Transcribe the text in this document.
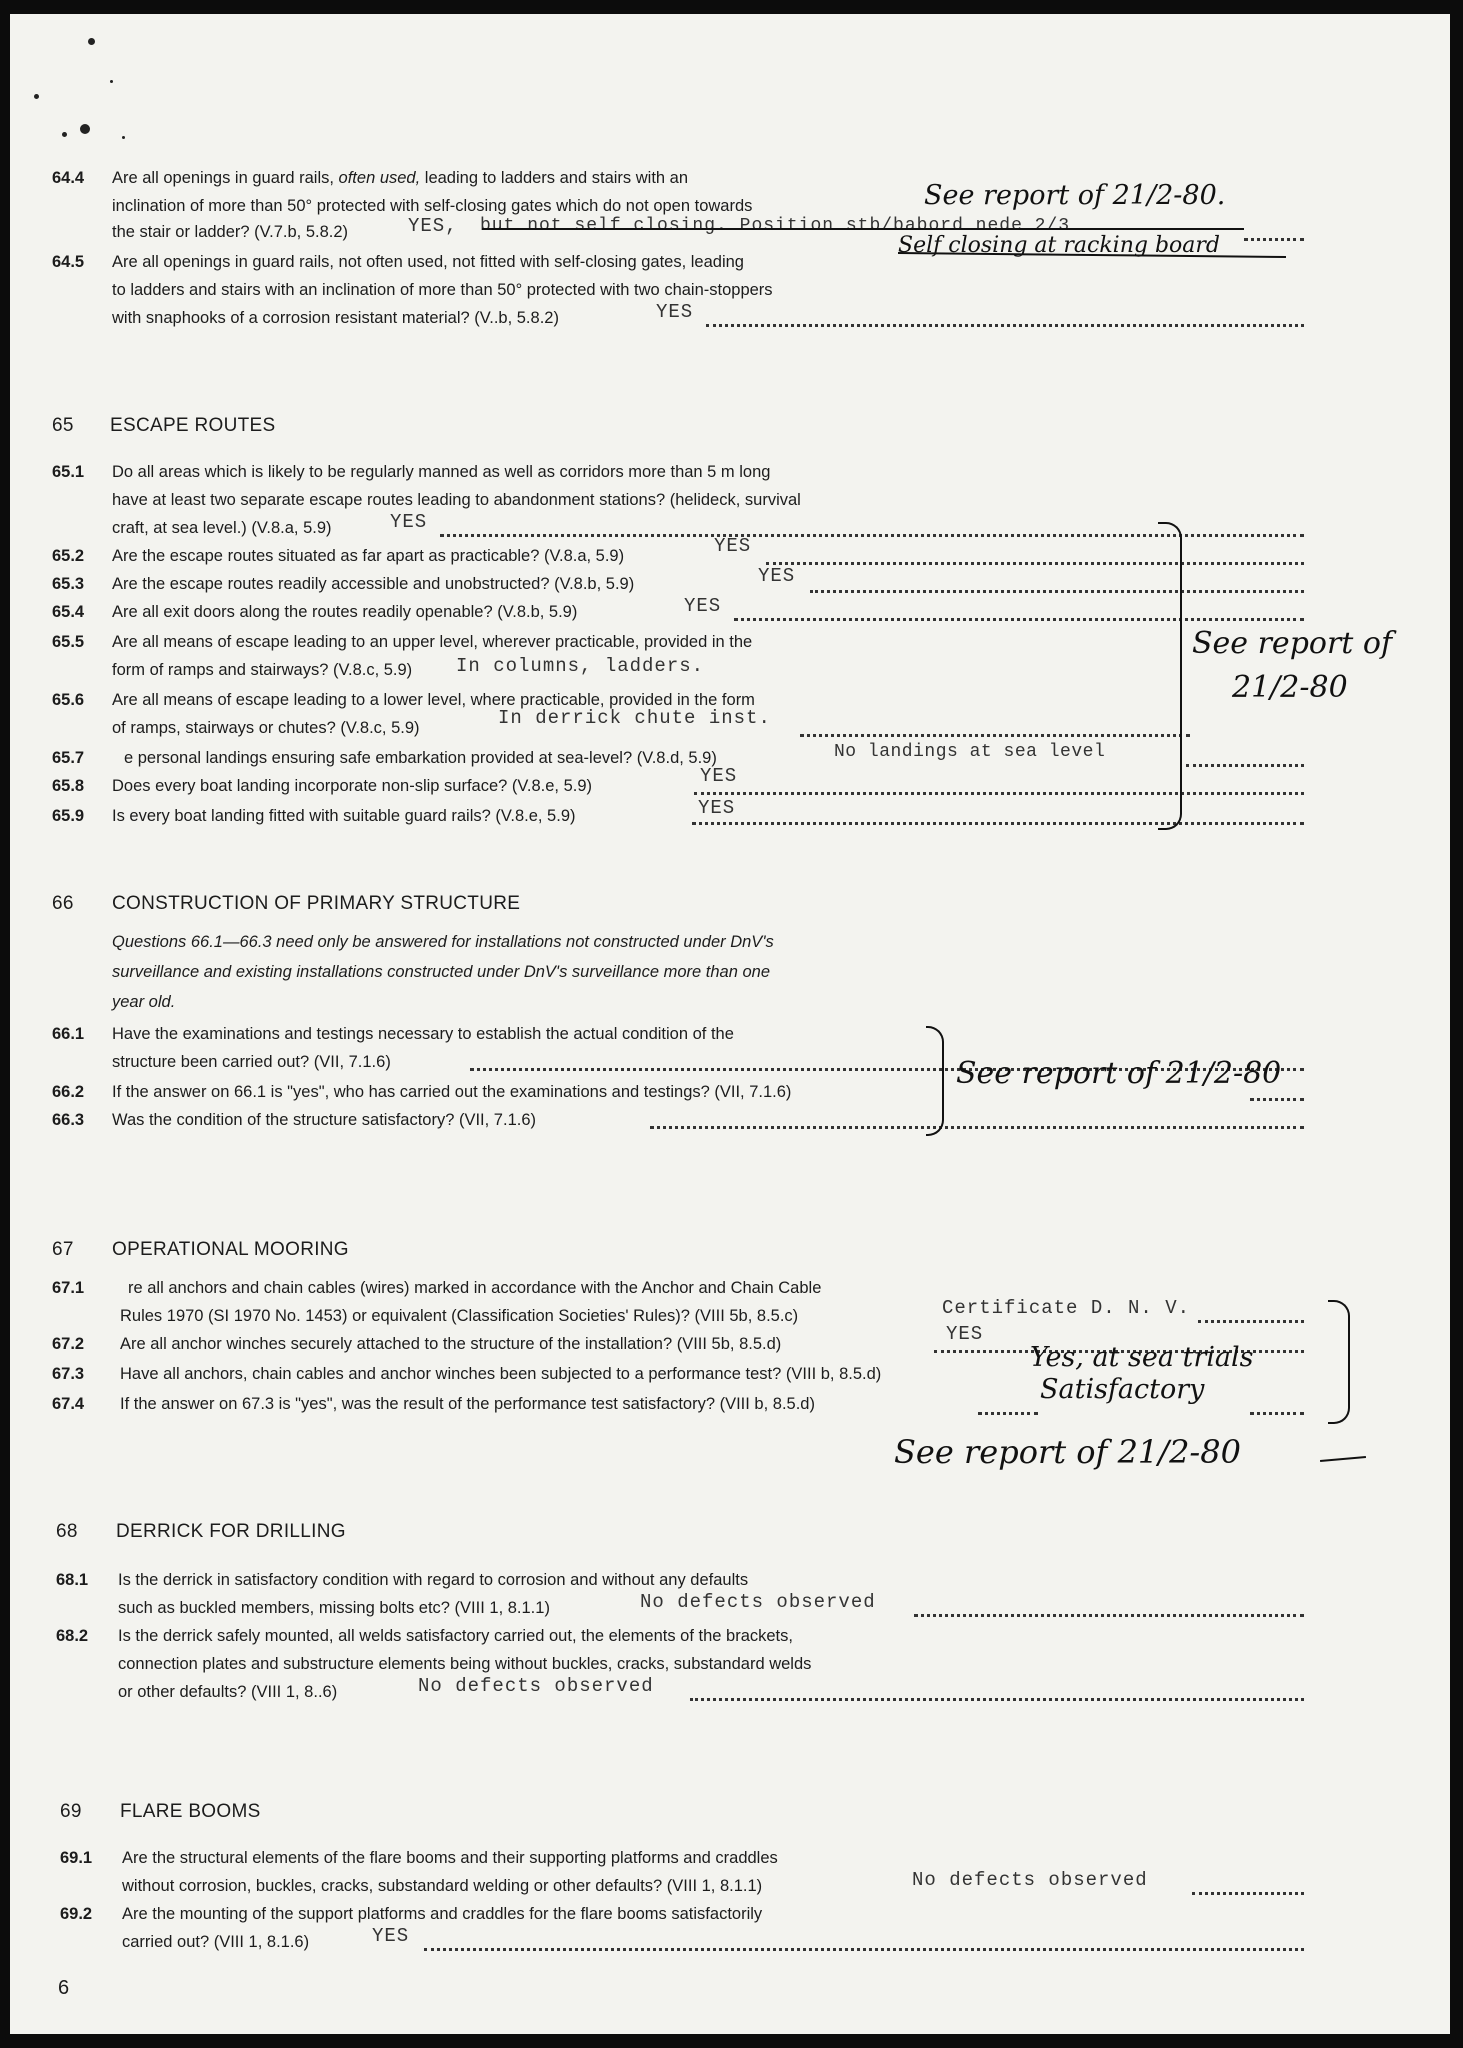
64.4 Are all openings in guard rails, often used, leading to ladders and stairs with an
inclination of more than 50° protected with self-closing gates which do not open towards
the stair or ladder? (V.7.b, 5.8.2)	YES, but not self closing. Position stb/babord nede 2/3
Self closing at racking board
See report of 21/2-80.
64.5 Are all openings in guard rails, not often used, not fitted with self-closing gates, leading
to ladders and stairs with an inclination of more than 50° protected with two chain-stoppers
with snaphooks of a corrosion resistant material? (V..b, 5.8.2)	YES
65 ESCAPE ROUTES
65.1 Do all areas which is likely to be regularly manned as well as corridors more than 5 m long
have at least two separate escape routes leading to abandonment stations? (helideck, survival
craft, at sea level.) (V.8.a, 5.9)	YES
65.2 Are the escape routes situated as far apart as practicable? (V.8.a, 5.9)	YES
65.3 Are the escape routes readily accessible and unobstructed? (V.8.b, 5.9)	YES
65.4 Are all exit doors along the routes readily openable? (V.8.b, 5.9)	YES
65.5 Are all means of escape leading to an upper level, wherever practicable, provided in the
form of ramps and stairways? (V.8.c, 5.9) In columns, ladders.
65.6 Are all means of escape leading to a lower level, where practicable, provided in the form
of ramps, stairways or chutes? (V.8.c, 5.9)	In derrick chute inst.
65.7 e personal landings ensuring safe embarkation provided at sea-level? (V.8.d, 5.9)	No landings at sea level
65.8 Does every boat landing incorporate non-slip surface? (V.8.e, 5.9)	YES
65.9 Is every boat landing fitted with suitable guard rails? (V.8.e, 5.9)	YES
See report of
21/2-80
66 CONSTRUCTION OF PRIMARY STRUCTURE
Questions 66.1—66.3 need only be answered for installations not constructed under DnV's
surveillance and existing installations constructed under DnV's surveillance more than one
year old.
66.1 Have the examinations and testings necessary to establish the actual condition of the
structure been carried out? (VII, 7.1.6)
66.2 If the answer on 66.1 is "yes", who has carried out the examinations and testings? (VII, 7.1.6)
66.3 Was the condition of the structure satisfactory? (VII, 7.1.6)
See report of 21/2-80
67 OPERATIONAL MOORING
67.1	re all anchors and chain cables (wires) marked in accordance with the Anchor and Chain Cable
Rules 1970 (SI 1970 No. 1453) or equivalent (Classification Societies' Rules)? (VIII 5b, 8.5.c)	Certificate D. N. V.
67.2 Are all anchor winches securely attached to the structure of the installation? (VIII 5b, 8.5.d)	YES
67.3 Have all anchors, chain cables and anchor winches been subjected to a performance test? (VIII b, 8.5.d)
Yes, at sea trials
67.4 If the answer on 67.3 is "yes", was the result of the performance test satisfactory? (VIII b, 8.5.d)	Satisfactory
See report of 21/2-80
68 DERRICK FOR DRILLING
68.1 Is the derrick in satisfactory condition with regard to corrosion and without any defaults
such as buckled members, missing bolts etc? (VIII 1, 8.1.1)	No defects observed
68.2 Is the derrick safely mounted, all welds satisfactory carried out, the elements of the brackets,
connection plates and substructure elements being without buckles, cracks, substandard welds
or other defaults? (VIII 1, 8..6)	No defects observed
69 FLARE BOOMS
69.1 Are the structural elements of the flare booms and their supporting platforms and craddles
without corrosion, buckles, cracks, substandard welding or other defaults? (VIII 1, 8.1.1)	No defects observed
69.2 Are the mounting of the support platforms and craddles for the flare booms satisfactorily
carried out? (VIII 1, 8.1.6)	YES
6
